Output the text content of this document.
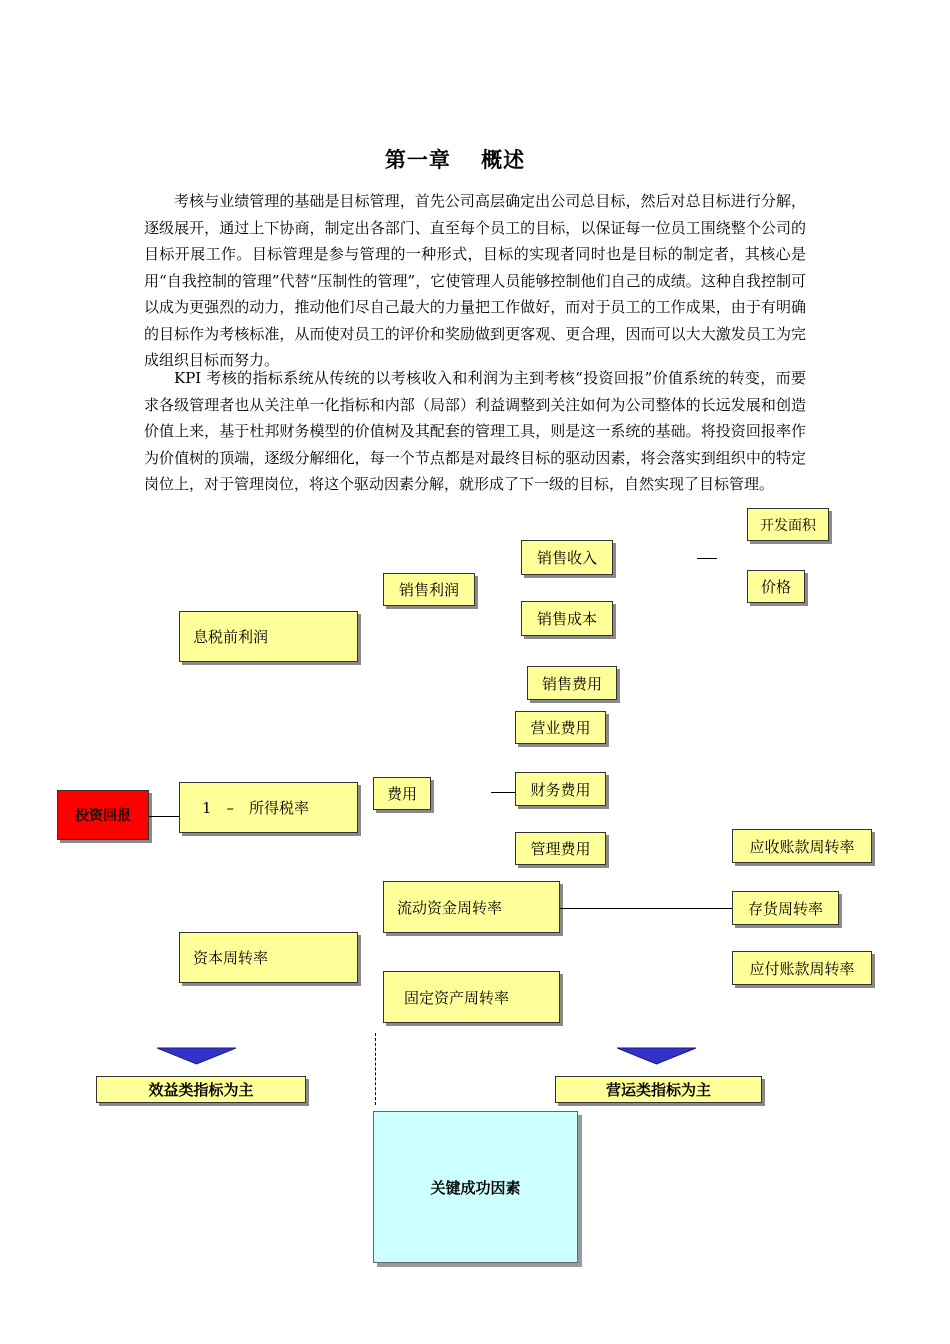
第一章　 概述

考核与业绩管理的基础是目标管理，首先公司高层确定出公司总目标，然后对总目标进行分解，逐级展开，通过上下协商，制定出各部门、直至每个员工的目标，以保证每一位员工围绕整个公司的目标开展工作。目标管理是参与管理的一种形式，目标的实现者同时也是目标的制定者，其核心是用“自我控制的管理”代替“压制性的管理”，它使管理人员能够控制他们自己的成绩。这种自我控制可以成为更强烈的动力，推动他们尽自己最大的力量把工作做好，而对于员工的工作成果，由于有明确的目标作为考核标准，从而使对员工的评价和奖励做到更客观、更合理，因而可以大大激发员工为完成组织目标而努力。

KPI 考核的指标系统从传统的以考核收入和利润为主到考核“投资回报”价值系统的转变，而要求各级管理者也从关注单一化指标和内部（局部）利益调整到关注如何为公司整体的长远发展和创造价值上来，基于杜邦财务模型的价值树及其配套的管理工具，则是这一系统的基础。将投资回报率作为价值树的顶端，逐级分解细化，每一个节点都是对最终目标的驱动因素，将会落实到组织中的特定岗位上，对于管理岗位，将这个驱动因素分解，就形成了下一级的目标，自然实现了目标管理。

投资回报
息税前利润
1　–　所得税率
资本周转率
销售利润
费用
流动资金周转率
固定资产周转率
销售收入
销售成本
销售费用
营业费用
财务费用
管理费用
开发面积
价格
应收账款周转率
存货周转率
应付账款周转率
效益类指标为主	营运类指标为主
关键成功因素
